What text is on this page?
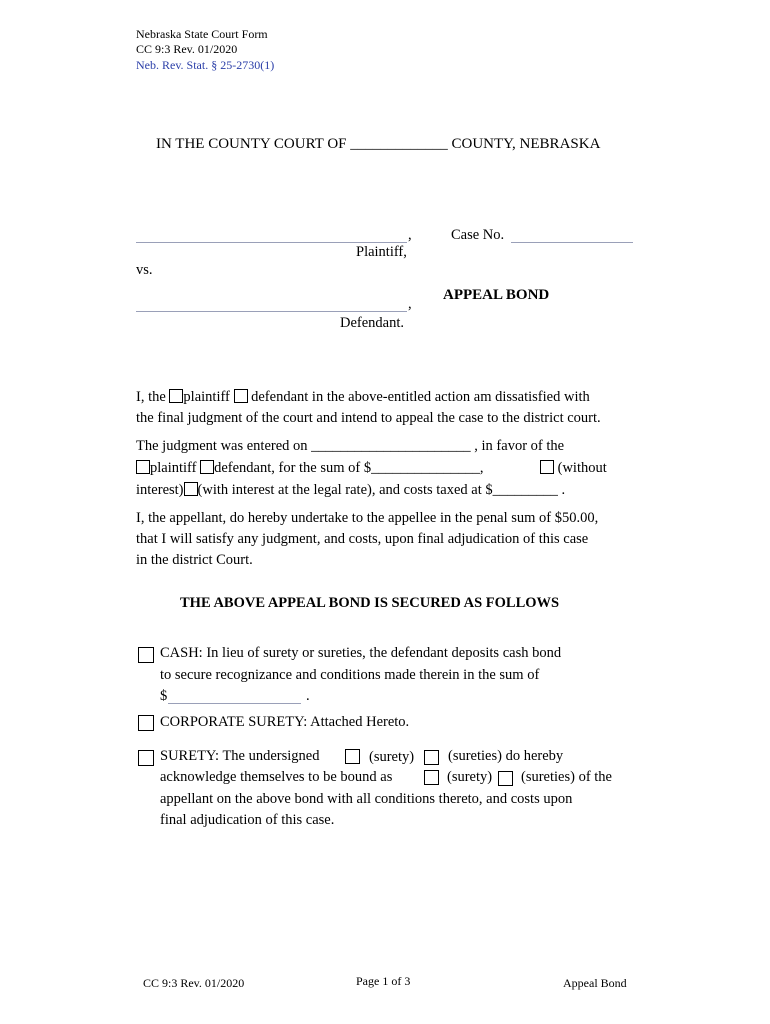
Nebraska State Court Form
CC 9:3 Rev. 01/2020
Neb. Rev. Stat. § 25-2730(1)
IN THE COUNTY COURT OF _____________ COUNTY, NEBRASKA
,
Plaintiff,
Case No.
vs.
,
Defendant.
APPEAL BOND
I, the plaintiff defendant in the above-entitled action am dissatisfied with
the final judgment of the court and intend to appeal the case to the district court.
The judgment was entered on ______________________ , in favor of the
plaintiff defendant, for the sum of $_______________,	(without
interest) (with interest at the legal rate), and costs taxed at $_________ .
I, the appellant, do hereby undertake to the appellee in the penal sum of $50.00,
that I will satisfy any judgment, and costs, upon final adjudication of this case
in the district Court.
THE ABOVE APPEAL BOND IS SECURED AS FOLLOWS
CASH: In lieu of surety or sureties, the defendant deposits cash bond
to secure recognizance and conditions made therein in the sum of
$	.
CORPORATE SURETY: Attached Hereto.
SURETY: The undersigned	(surety) (sureties) do hereby
acknowledge themselves to be bound as	(surety) (sureties) of the
appellant on the above bond with all conditions thereto, and costs upon
final adjudication of this case.
CC 9:3 Rev. 01/2020	Page 1 of 3	Appeal Bond
